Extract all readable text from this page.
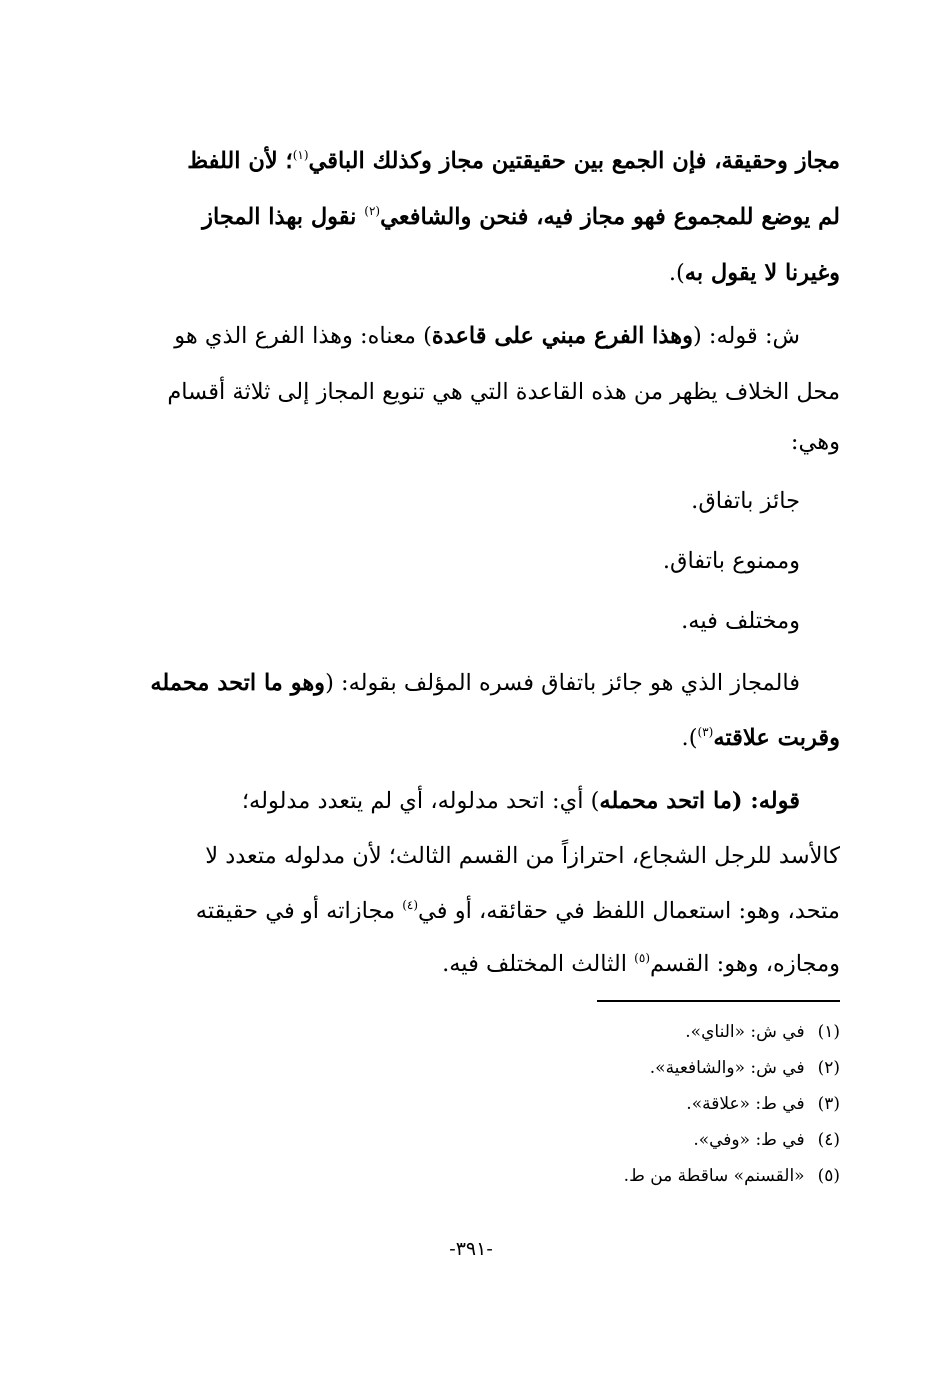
مجاز وحقيقة، فإن الجمع بين حقيقتين مجاز وكذلك الباقي$^{(١)}$؛ لأن اللفظ
لم يوضع للمجموع فهو مجاز فيه، فنحن والشافعي$^{(٢)}$ نقول بهذا المجاز
وغيرنا لا يقول به).
ش: قوله: (وهذا الفرع مبني على قاعدة) معناه: وهذا الفرع الذي هو
محل الخلاف يظهر من هذه القاعدة التي هي تنويع المجاز إلى ثلاثة أقسام
وهي:
جائز باتفاق.
وممنوع باتفاق.
ومختلف فيه.
فالمجاز الذي هو جائز باتفاق فسره المؤلف بقوله: (وهو ما اتحد محمله
وقربت علاقته$^{(٣)}$).
قوله: (ما اتحد محمله) أي: اتحد مدلوله، أي لم يتعدد مدلوله؛
كالأسد للرجل الشجاع، احترازاً من القسم الثالث؛ لأن مدلوله متعدد لا
متحد، وهو: استعمال اللفظ في حقائقه، أو في$^{(٤)}$ مجازاته أو في حقيقته
ومجازه، وهو: القسم$^{(٥)}$ الثالث المختلف فيه.
(١) في ش: «الناي».
(٢) في ش: «والشافعية».
(٣) في ط: «علاقة».
(٤) في ط: «وفي».
(٥) «القسنم» ساقطة من ط.
-٣٩١-
